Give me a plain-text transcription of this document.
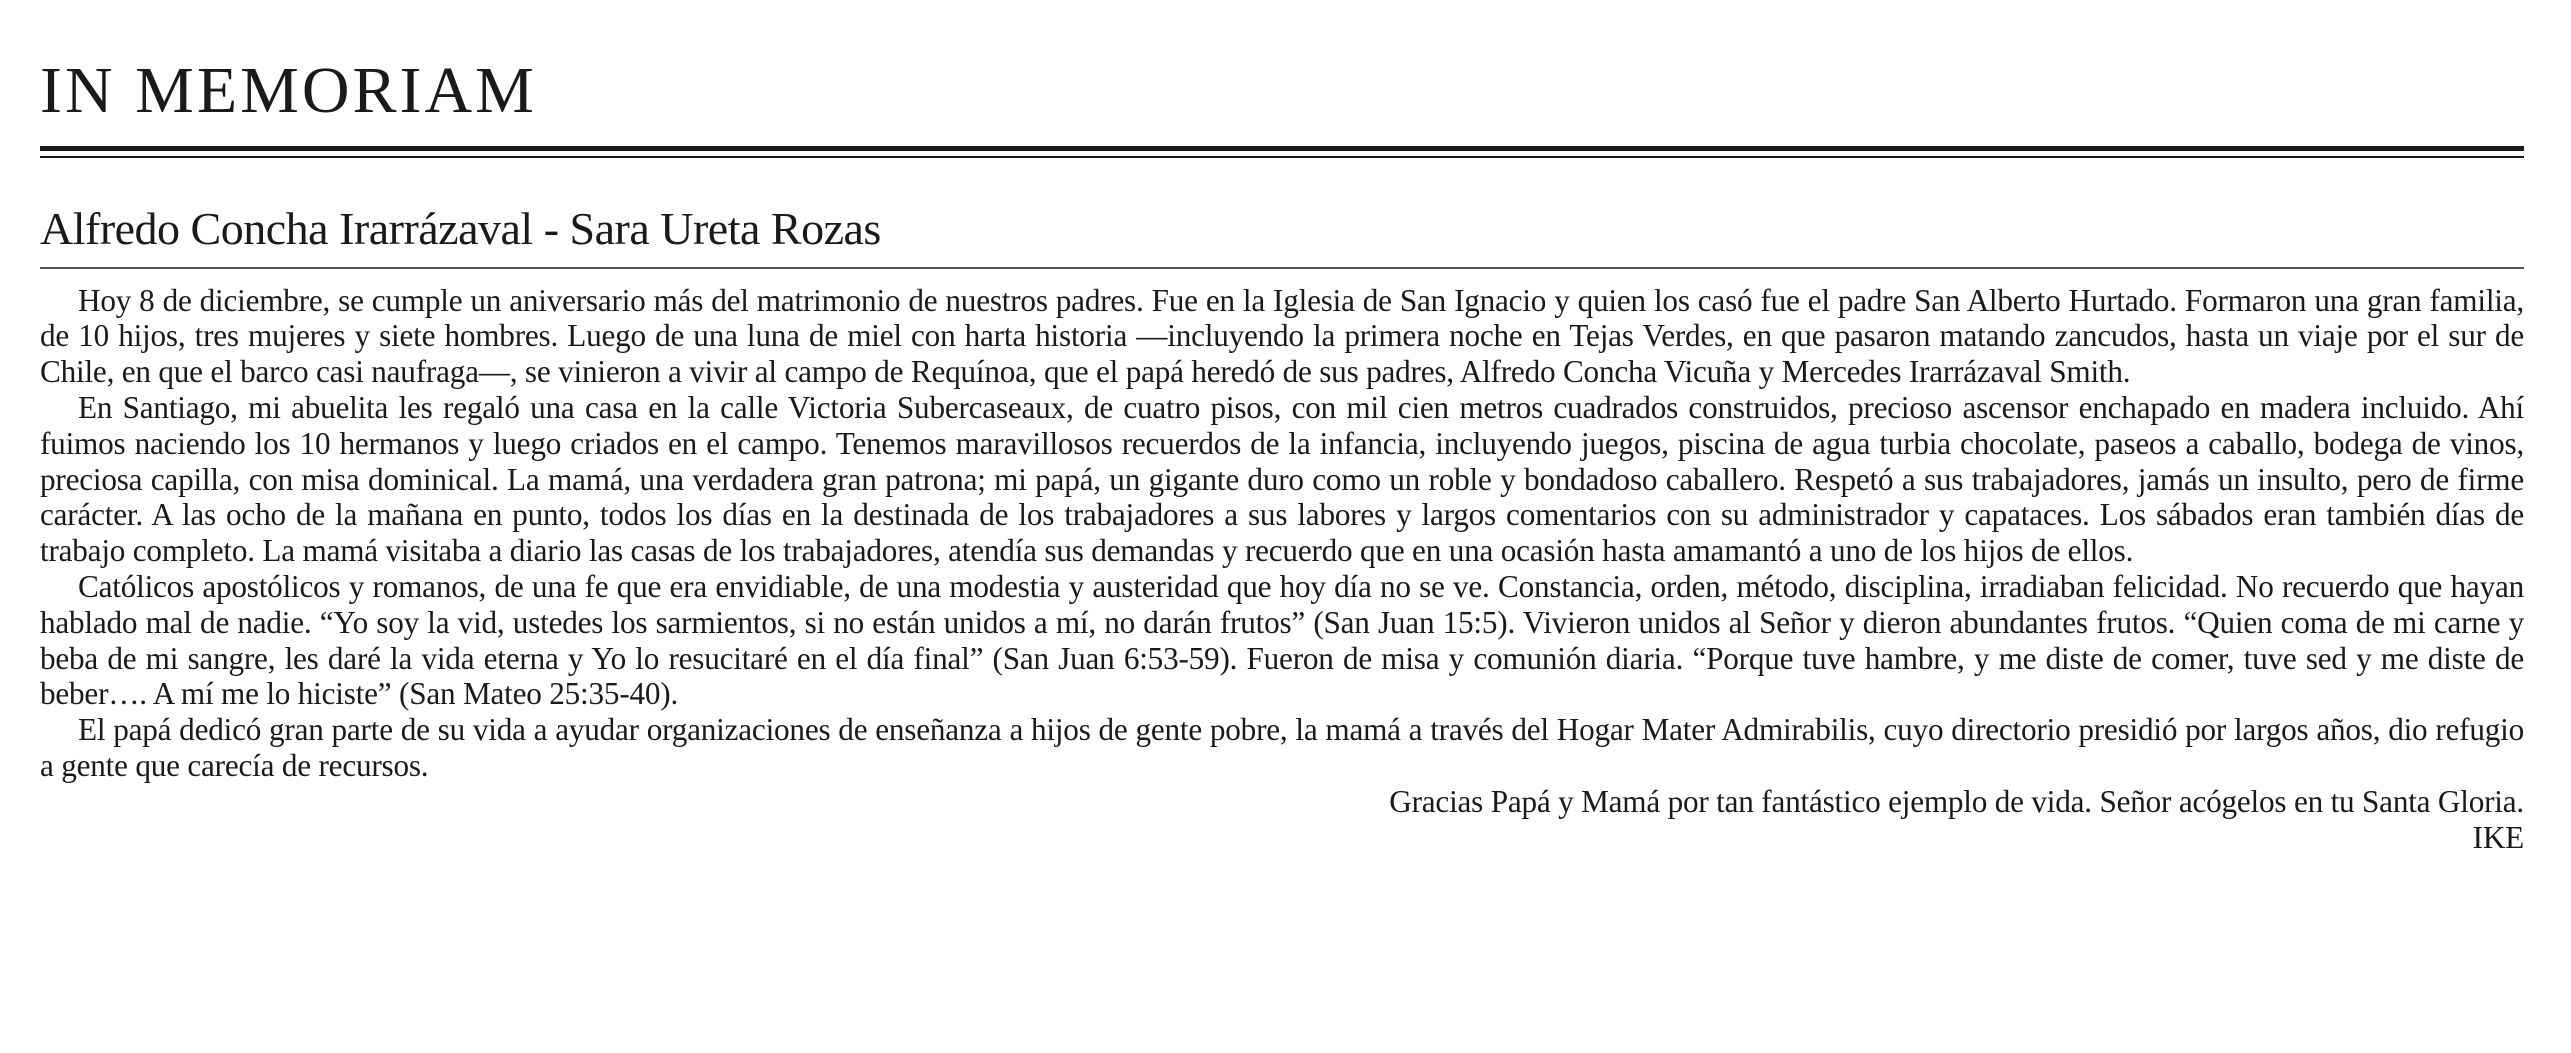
IN MEMORIAM
Alfredo Concha Irarrázaval - Sara Ureta Rozas

Hoy 8 de diciembre, se cumple un aniversario más del matrimonio de nuestros padres. Fue en la Iglesia de San Ignacio y quien los casó fue el padre San Alberto Hurtado. Formaron una gran familia, de 10 hijos, tres mujeres y siete hombres. Luego de una luna de miel con harta historia —incluyendo la primera noche en Tejas Verdes, en que pasaron matando zancudos, hasta un viaje por el sur de Chile, en que el barco casi naufraga—, se vinieron a vivir al campo de Requínoa, que el papá heredó de sus padres, Alfredo Concha Vicuña y Mercedes Irarrázaval Smith.

En Santiago, mi abuelita les regaló una casa en la calle Victoria Subercaseaux, de cuatro pisos, con mil cien metros cuadrados construidos, precioso ascensor enchapado en madera incluido. Ahí fuimos naciendo los 10 hermanos y luego criados en el campo. Tenemos maravillosos recuerdos de la infancia, incluyendo juegos, piscina de agua turbia chocolate, paseos a caballo, bodega de vinos, preciosa capilla, con misa dominical. La mamá, una verdadera gran patrona; mi papá, un gigante duro como un roble y bondadoso caballero. Respetó a sus trabajadores, jamás un insulto, pero de firme carácter. A las ocho de la mañana en punto, todos los días en la destinada de los trabajadores a sus labores y largos comentarios con su administrador y capataces. Los sábados eran también días de trabajo completo. La mamá visitaba a diario las casas de los trabajadores, atendía sus demandas y recuerdo que en una ocasión hasta amamantó a uno de los hijos de ellos.

Católicos apostólicos y romanos, de una fe que era envidiable, de una modestia y austeridad que hoy día no se ve. Constancia, orden, método, disciplina, irradiaban felicidad. No recuerdo que hayan hablado mal de nadie. “Yo soy la vid, ustedes los sarmientos, si no están unidos a mí, no darán frutos” (San Juan 15:5). Vivieron unidos al Señor y dieron abundantes frutos. “Quien coma de mi carne y beba de mi sangre, les daré la vida eterna y Yo lo resucitaré en el día final” (San Juan 6:53-59). Fueron de misa y comunión diaria. “Porque tuve hambre, y me diste de comer, tuve sed y me diste de beber…. A mí me lo hiciste” (San Mateo 25:35-40).

El papá dedicó gran parte de su vida a ayudar organizaciones de enseñanza a hijos de gente pobre, la mamá a través del Hogar Mater Admirabilis, cuyo directorio presidió por largos años, dio refugio a gente que carecía de recursos.

Gracias Papá y Mamá por tan fantástico ejemplo de vida. Señor acógelos en tu Santa Gloria.

IKE
